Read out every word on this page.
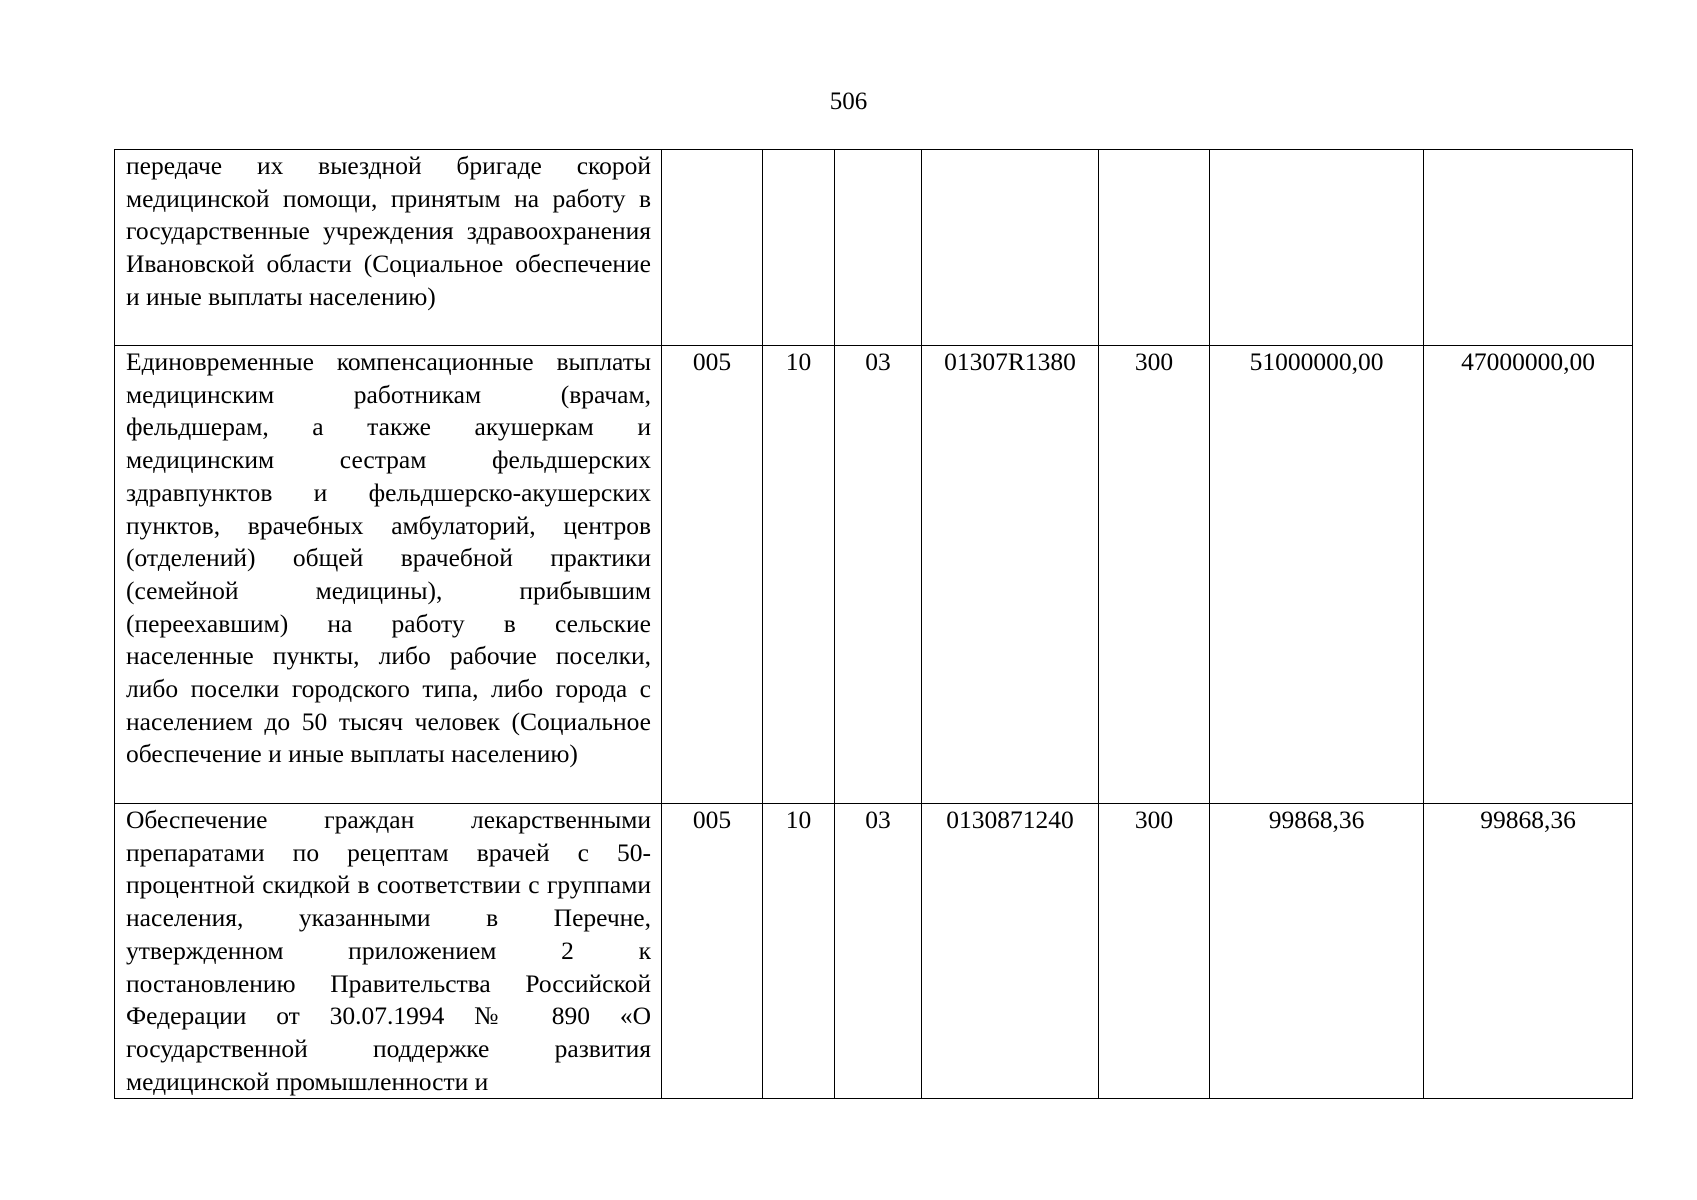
506
передаче их выездной бригаде скорой медицинской помощи, принятым на работу в государственные учреждения здравоохранения Ивановской области (Социальное обеспечение и иные выплаты населению)							

Единовременные компенсационные выплаты медицинским работникам (врачам, фельдшерам, а также акушеркам и медицинским сестрам фельдшерских здравпунктов и фельдшерско-акушерских пунктов, врачебных амбулаторий, центров (отделений) общей врачебной практики (семейной медицины), прибывшим (переехавшим) на работу в сельские населенные пункты, либо рабочие поселки, либо поселки городского типа, либо города с населением до 50 тысяч человек (Социальное обеспечение и иные выплаты населению)	005	10	03	01307R1380	300	51000000,00	47000000,00

Обеспечение граждан лекарственными препаратами по рецептам врачей с 50-процентной скидкой в соответствии с группами населения, указанными в Перечне, утвержденном приложением 2 к постановлению Правительства Российской Федерации от 30.07.1994 № 890 «О государственной поддержке развития медицинской промышленности и	005	10	03	0130871240	300	99868,36	99868,36
